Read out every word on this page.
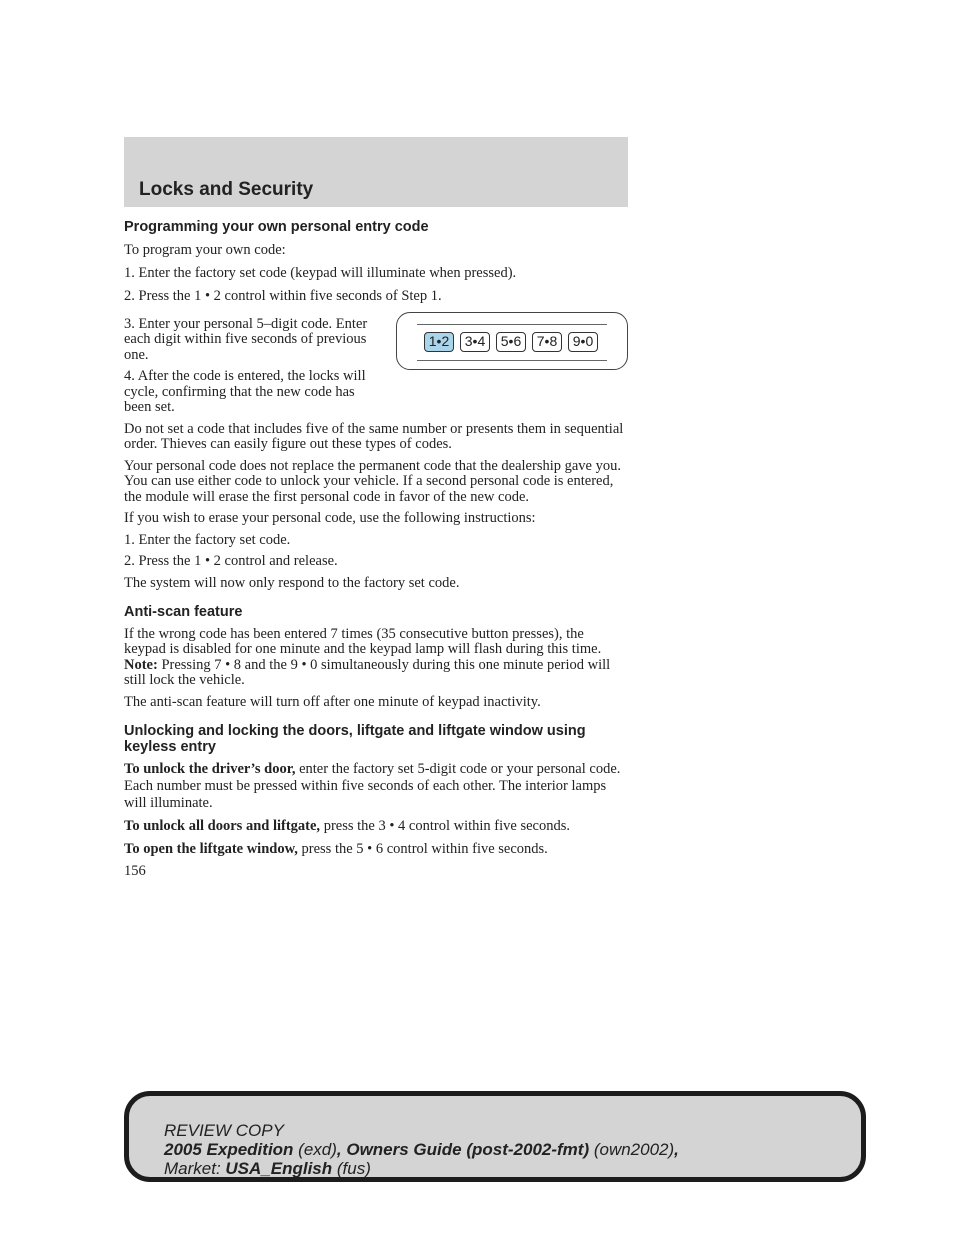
Locks and Security
Programming your own personal entry code

To program your own code:

1. Enter the factory set code (keypad will illuminate when pressed).

2. Press the 1 • 2 control within five seconds of Step 1.

3. Enter your personal 5–digit code. Enter each digit within five seconds of previous one.

4. After the code is entered, the locks will cycle, confirming that the new code has been set.

1•2	3•4	5•6	7•8	9•0

Do not set a code that includes five of the same number or presents them in sequential order. Thieves can easily figure out these types of codes.

Your personal code does not replace the permanent code that the dealership gave you. You can use either code to unlock your vehicle. If a second personal code is entered, the module will erase the first personal code in favor of the new code.

If you wish to erase your personal code, use the following instructions:

1. Enter the factory set code.

2. Press the 1 • 2 control and release.

The system will now only respond to the factory set code.

Anti-scan feature

If the wrong code has been entered 7 times (35 consecutive button presses), the keypad is disabled for one minute and the keypad lamp will flash during this time. Note: Pressing 7 • 8 and the 9 • 0 simultaneously during this one minute period will still lock the vehicle.

The anti-scan feature will turn off after one minute of keypad inactivity.

Unlocking and locking the doors, liftgate and liftgate window using keyless entry

To unlock the driver’s door, enter the factory set 5-digit code or your personal code. Each number must be pressed within five seconds of each other. The interior lamps will illuminate.

To unlock all doors and liftgate, press the 3 • 4 control within five seconds.

To open the liftgate window, press the 5 • 6 control within five seconds.

156

REVIEW COPY
2005 Expedition (exd), Owners Guide (post-2002-fmt) (own2002),
Market: USA_English (fus)
